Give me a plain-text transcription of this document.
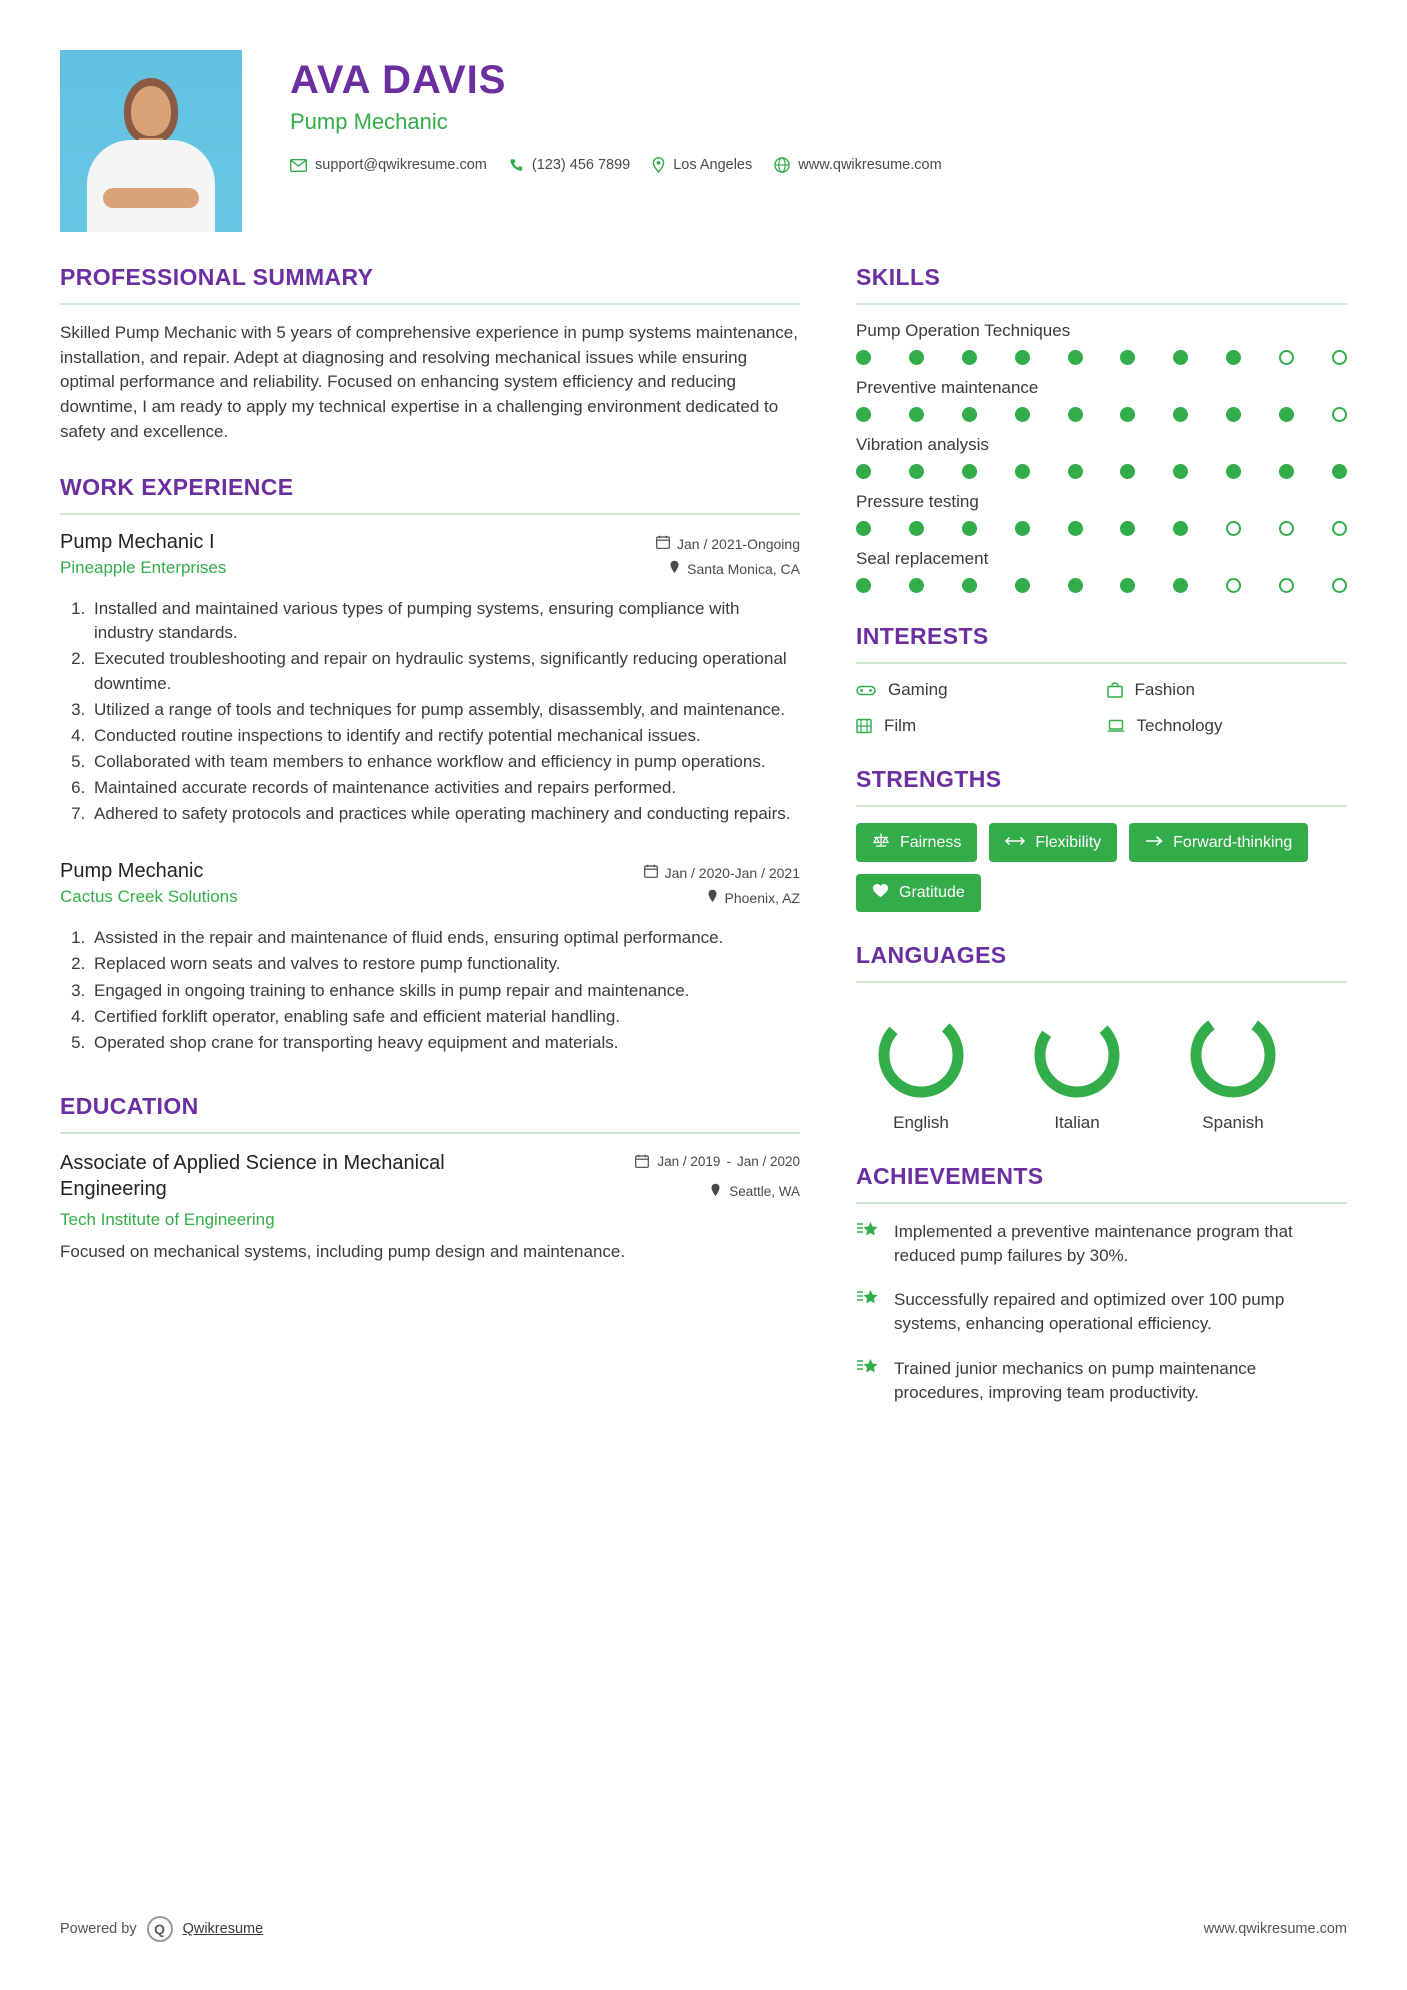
AVA DAVIS
Pump Mechanic
support@qwikresume.com	(123) 456 7899	Los Angeles	www.qwikresume.com
PROFESSIONAL SUMMARY

Skilled Pump Mechanic with 5 years of comprehensive experience in pump systems maintenance, installation, and repair. Adept at diagnosing and resolving mechanical issues while ensuring optimal performance and reliability. Focused on enhancing system efficiency and reducing downtime, I am ready to apply my technical expertise in a challenging environment dedicated to safety and excellence.

WORK EXPERIENCE

Pump Mechanic I

Pineapple Enterprises

Jan / 2021-Ongoing
Santa Monica, CA
1. Installed and maintained various types of pumping systems, ensuring compliance with industry standards.
2. Executed troubleshooting and repair on hydraulic systems, significantly reducing operational downtime.
3. Utilized a range of tools and techniques for pump assembly, disassembly, and maintenance.
4. Conducted routine inspections to identify and rectify potential mechanical issues.
5. Collaborated with team members to enhance workflow and efficiency in pump operations.
6. Maintained accurate records of maintenance activities and repairs performed.
7. Adhered to safety protocols and practices while operating machinery and conducting repairs.

Pump Mechanic

Cactus Creek Solutions

Jan / 2020-Jan / 2021
Phoenix, AZ
1. Assisted in the repair and maintenance of fluid ends, ensuring optimal performance.
2. Replaced worn seats and valves to restore pump functionality.
3. Engaged in ongoing training to enhance skills in pump repair and maintenance.
4. Certified forklift operator, enabling safe and efficient material handling.
5. Operated shop crane for transporting heavy equipment and materials.
EDUCATION

Associate of Applied Science in Mechanical Engineering

Tech Institute of Engineering

Jan / 2019 - Jan / 2020
Seattle, WA

Focused on mechanical systems, including pump design and maintenance.

SKILLS

Pump Operation Techniques

Preventive maintenance

Vibration analysis

Pressure testing

Seal replacement

INTERESTS
Gaming	Fashion
Film	Technology
STRENGTHS
Fairness	Flexibility	Forward-thinking
Gratitude
LANGUAGES
English	Italian	Spanish
ACHIEVEMENTS
Implemented a preventive maintenance program that reduced pump failures by 30%.
Successfully repaired and optimized over 100 pump systems, enhancing operational efficiency.
Trained junior mechanics on pump maintenance procedures, improving team productivity.
Powered by	Q	Qwikresume	www.qwikresume.com
